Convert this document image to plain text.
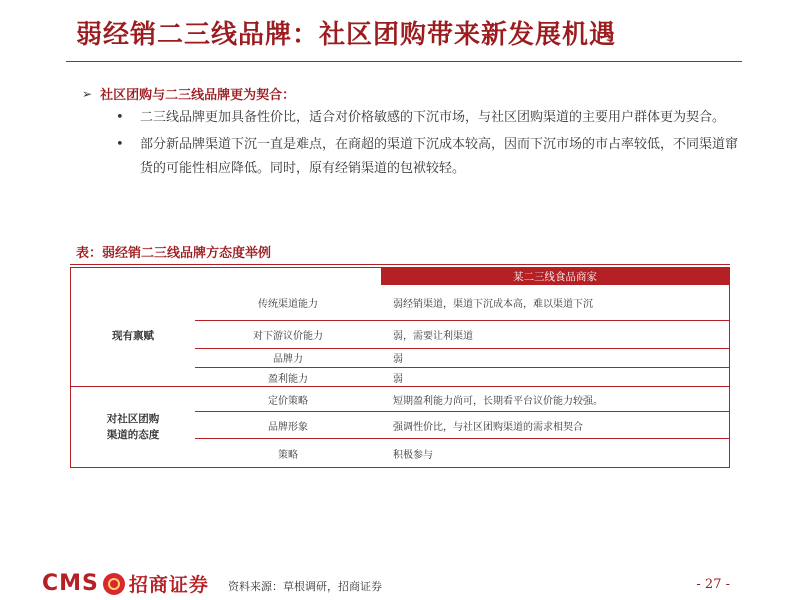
弱经销二三线品牌：社区团购带来新发展机遇
➢ 社区团购与二三线品牌更为契合：
• 二三线品牌更加具备性价比，适合对价格敏感的下沉市场，与社区团购渠道的主要用户群体更为契合。
• 部分新品牌渠道下沉一直是难点，在商超的渠道下沉成本较高，因而下沉市场的市占率较低，不同渠道窜货的可能性相应降低。同时，原有经销渠道的包袱较轻。
表：弱经销二三线品牌方态度举例
		某二三线食品商家
现有禀赋	传统渠道能力	弱经销渠道，渠道下沉成本高，难以渠道下沉
	对下游议价能力	弱，需要让利渠道
	品牌力	弱
	盈利能力	弱
对社区团购
渠道的态度	定价策略	短期盈利能力尚可，长期看平台议价能力较强。
	品牌形象	强调性价比，与社区团购渠道的需求相契合
	策略	积极参与
CMS 招商证券 资料来源：草根调研，招商证券	- 27 -
